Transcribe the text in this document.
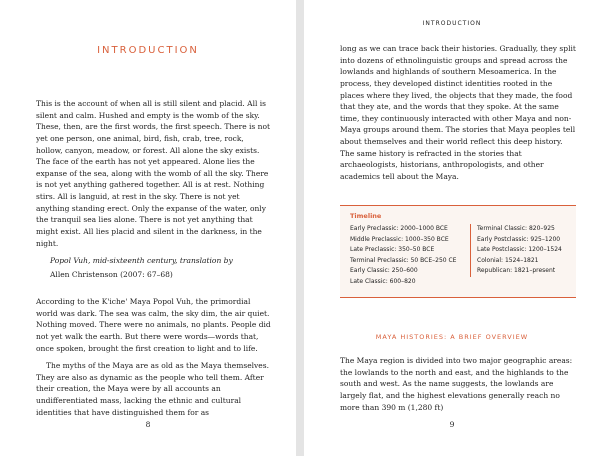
INTRODUCTION

This is the account of when all is still silent and placid. All is silent and calm. Hushed and empty is the womb of the sky. These, then, are the first words, the first speech. There is not yet one person, one animal, bird, fish, crab, tree, rock, hollow, canyon, meadow, or forest. All alone the sky exists. The face of the earth has not yet appeared. Alone lies the expanse of the sea, along with the womb of all the sky. There is not yet anything gathered together. All is at rest. Nothing stirs. All is languid, at rest in the sky. There is not yet anything standing erect. Only the expanse of the water, only the tranquil sea lies alone. There is not yet anything that might exist. All lies placid and silent in the darkness, in the night.

Popol Vuh, mid-sixteenth century, translation by
Allen Christenson (2007: 67–68)

According to the K'iche' Maya Popol Vuh, the primordial world was dark. The sea was calm, the sky dim, the air quiet. Nothing moved. There were no animals, no plants. People did not yet walk the earth. But there were words—words that, once spoken, brought the first creation to light and to life.

The myths of the Maya are as old as the Maya themselves. They are also as dynamic as the people who tell them. After their creation, the Maya were by all accounts an undifferentiated mass, lacking the ethnic and cultural identities that have distinguished them for as

8
INTRODUCTION

long as we can trace back their histories. Gradually, they split into dozens of ethnolinguistic groups and spread across the lowlands and highlands of southern Mesoamerica. In the process, they developed distinct identities rooted in the places where they lived, the objects that they made, the food that they ate, and the words that they spoke. At the same time, they continuously interacted with other Maya and non-Maya groups around them. The stories that Maya peoples tell about themselves and their world reflect this deep history. The same history is refracted in the stories that archaeologists, historians, anthropologists, and other academics tell about the Maya.

Timeline
Early Preclassic: 2000–1000 BCE
Middle Preclassic: 1000–350 BCE
Late Preclassic: 350–50 BCE
Terminal Preclassic: 50 BCE–250 CE
Early Classic: 250–600
Late Classic: 600–820
Terminal Classic: 820–925
Early Postclassic: 925–1200
Late Postclassic: 1200–1524
Colonial: 1524–1821
Republican: 1821–present
MAYA HISTORIES: A BRIEF OVERVIEW

The Maya region is divided into two major geographic areas: the lowlands to the north and east, and the highlands to the south and west. As the name suggests, the lowlands are largely flat, and the highest elevations generally reach no more than 390 m (1,280 ft)

9
